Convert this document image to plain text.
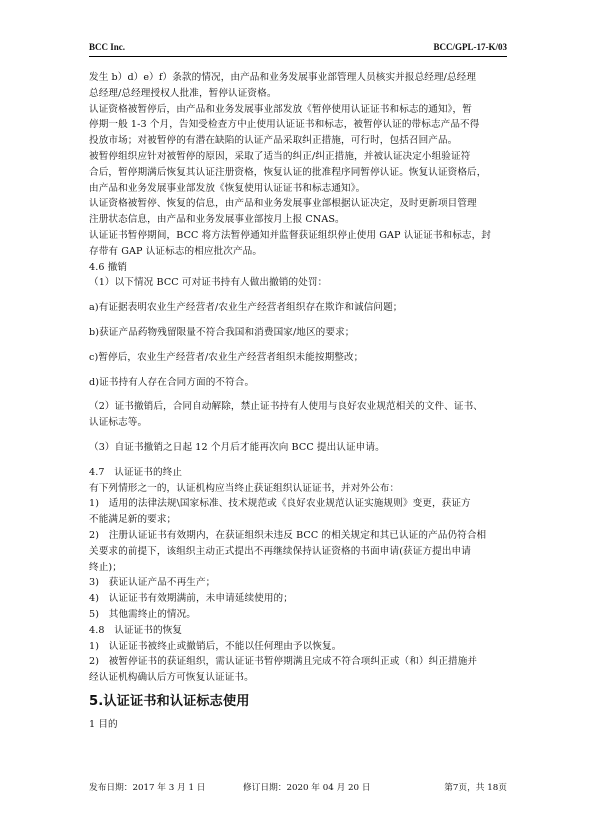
BCC Inc.	BCC/GPL-17-K/03

发生 b）d）e）f）条款的情况，由产品和业务发展事业部管理人员核实并报总经理/总经理

总经理/总经理授权人批准，暂停认证资格。

认证资格被暂停后，由产品和业务发展事业部发放《暂停使用认证证书和标志的通知》，暂

停期一般 1-3 个月，告知受检查方中止使用认证证书和标志，被暂停认证的带标志产品不得

投放市场；对被暂停的有潜在缺陷的认证产品采取纠正措施，可行时，包括召回产品。

被暂停组织应针对被暂停的原因，采取了适当的纠正/纠正措施，并被认证决定小组验证符

合后，暂停期满后恢复其认证注册资格，恢复认证的批准程序同暂停认证。恢复认证资格后，

由产品和业务发展事业部发放《恢复使用认证证书和标志通知》。

认证资格被暂停、恢复的信息，由产品和业务发展事业部根据认证决定，及时更新项目管理

注册状态信息，由产品和业务发展事业部按月上报 CNAS。

认证证书暂停期间，BCC 将方法暂停通知并监督获证组织停止使用 GAP 认证证书和标志，封

存带有 GAP 认证标志的相应批次产品。

4.6 撤销

（1）以下情况 BCC 可对证书持有人做出撤销的处罚：

a)有证据表明农业生产经营者/农业生产经营者组织存在欺诈和诚信问题；

b)获证产品药物残留限量不符合我国和消费国家/地区的要求；

c)暂停后，农业生产经营者/农业生产经营者组织未能按期整改；

d)证书持有人存在合同方面的不符合。

（2）证书撤销后，合同自动解除，禁止证书持有人使用与良好农业规范相关的文件、证书、

认证标志等。

（3）自证书撤销之日起 12 个月后才能再次向 BCC 提出认证申请。

4.7　认证证书的终止

有下列情形之一的，认证机构应当终止获证组织认证证书，并对外公布：

1)　适用的法律法规\国家标准、技术规范或《良好农业规范认证实施规则》变更，获证方

不能满足新的要求；

2)　注册认证证书有效期内，在获证组织未违反 BCC 的相关规定和其已认证的产品仍符合相

关要求的前提下，该组织主动正式提出不再继续保持认证资格的书面申请(获证方提出申请

终止)；

3)　获证认证产品不再生产；

4)　认证证书有效期满前，未申请延续使用的；

5)　其他需终止的情况。

4.8　认证证书的恢复

1)　认证证书被终止或撤销后，不能以任何理由予以恢复。

2)　被暂停证书的获证组织，需认证证书暂停期满且完成不符合项纠正或（和）纠正措施并

经认证机构确认后方可恢复认证证书。

5.认证证书和认证标志使用

1 目的

发布日期：2017 年 3 月 1 日	修订日期：2020 年 04 月 20 日	第7页，共 18页
